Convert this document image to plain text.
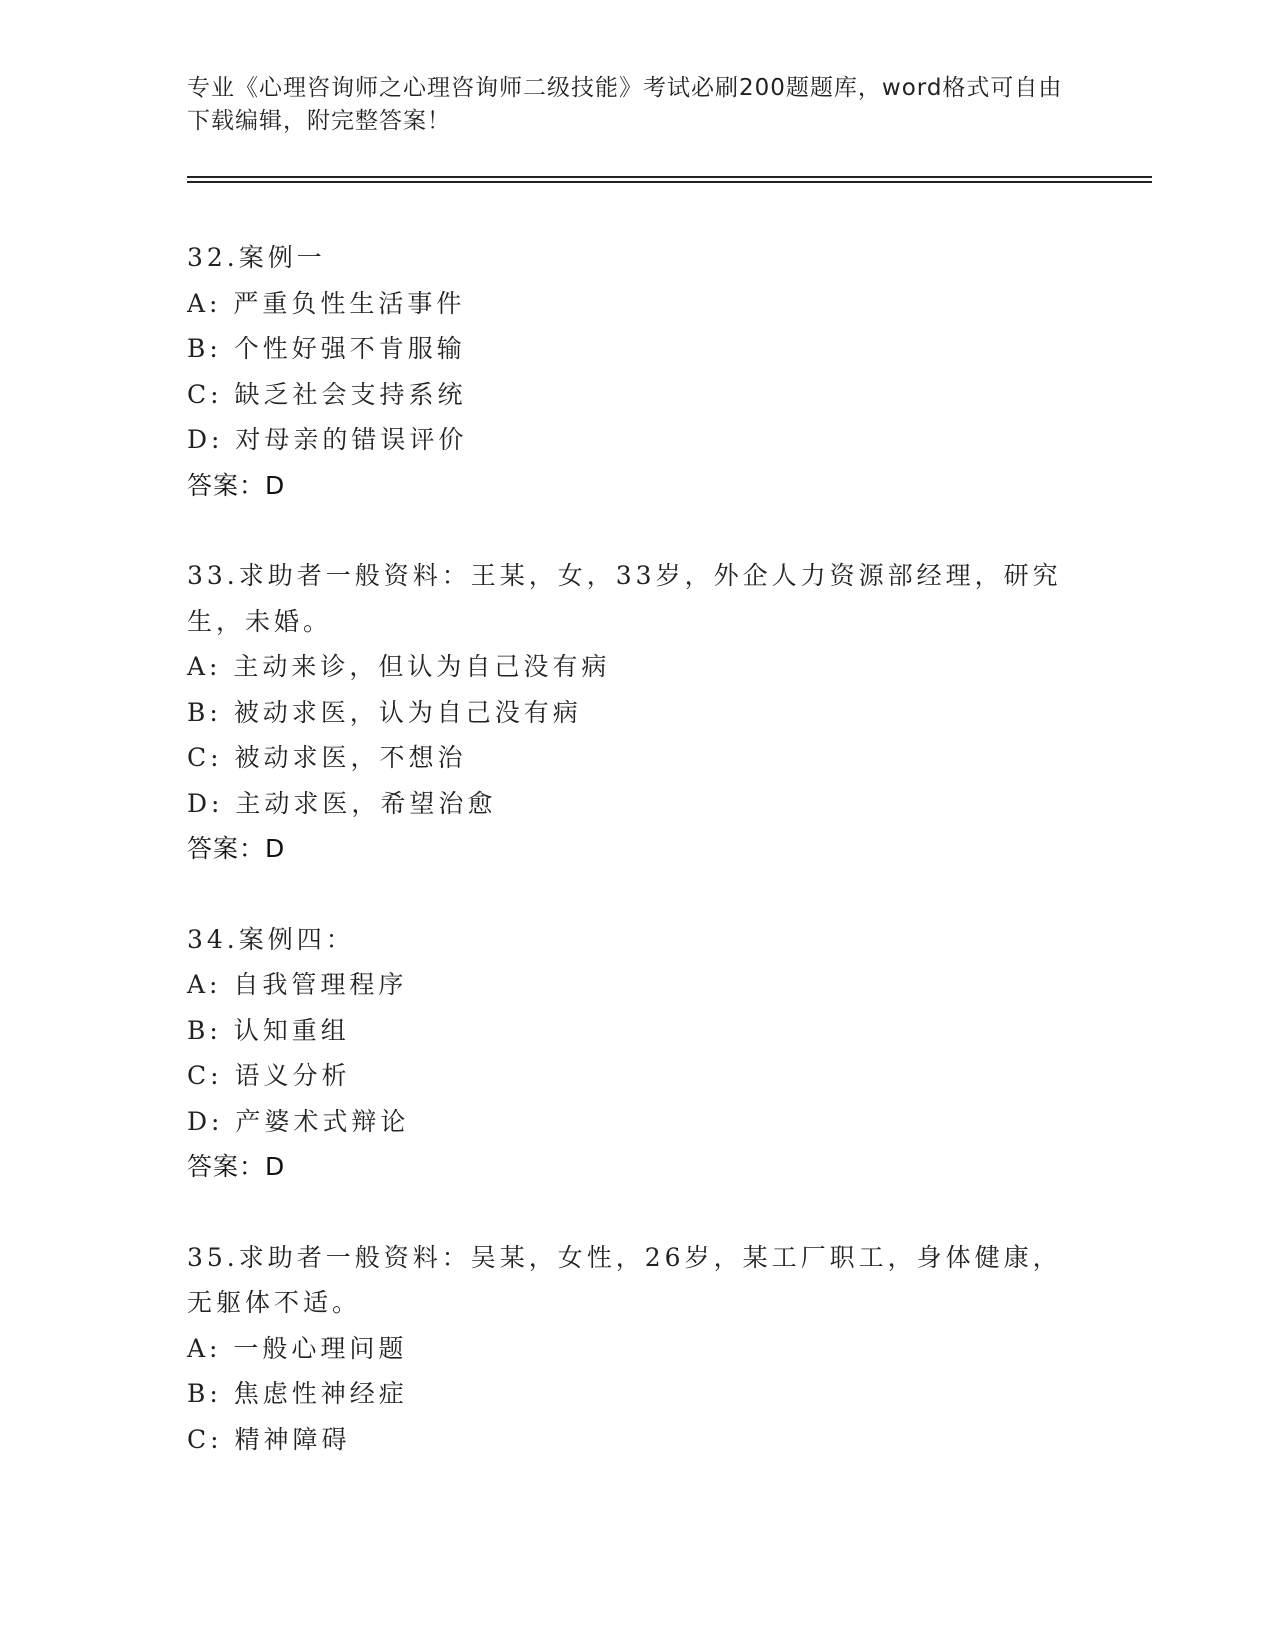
专业《心理咨询师之心理咨询师二级技能》考试必刷200题题库，word格式可自由下载编辑，附完整答案！
32.案例一
A: 严重负性生活事件
B: 个性好强不肯服输
C: 缺乏社会支持系统
D: 对母亲的错误评价
答案：D
33.求助者一般资料：王某，女，33岁，外企人力资源部经理，研究生，未婚。
A: 主动来诊，但认为自己没有病
B: 被动求医，认为自己没有病
C: 被动求医，不想治
D: 主动求医，希望治愈
答案：D
34.案例四：
A: 自我管理程序
B: 认知重组
C: 语义分析
D: 产婆术式辩论
答案：D
35.求助者一般资料：吴某，女性，26岁，某工厂职工，身体健康，无躯体不适。
A: 一般心理问题
B: 焦虑性神经症
C: 精神障碍
